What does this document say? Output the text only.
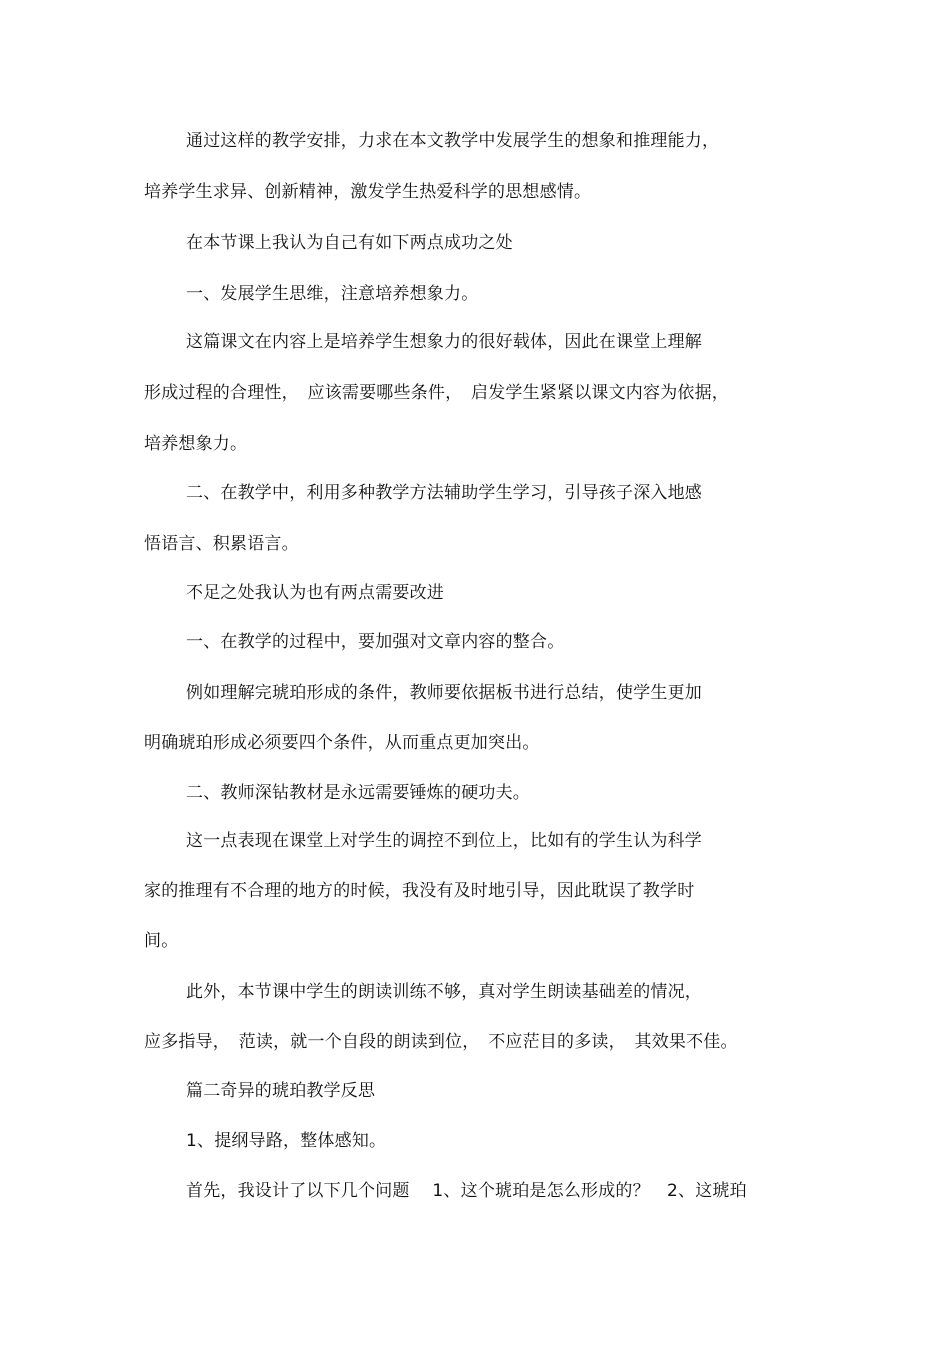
通过这样的教学安排，力求在本文教学中发展学生的想象和推理能力，
培养学生求异、创新精神，激发学生热爱科学的思想感情。
在本节课上我认为自己有如下两点成功之处
一、发展学生思维，注意培养想象力。
这篇课文在内容上是培养学生想象力的很好载体，因此在课堂上理解
形成过程的合理性，　应该需要哪些条件，　启发学生紧紧以课文内容为依据，
培养想象力。
二、在教学中，利用多种教学方法辅助学生学习，引导孩子深入地感
悟语言、积累语言。
不足之处我认为也有两点需要改进
一、在教学的过程中，要加强对文章内容的整合。
例如理解完琥珀形成的条件，教师要依据板书进行总结，使学生更加
明确琥珀形成必须要四个条件，从而重点更加突出。
二、教师深钻教材是永远需要锤炼的硬功夫。
这一点表现在课堂上对学生的调控不到位上，比如有的学生认为科学
家的推理有不合理的地方的时候，我没有及时地引导，因此耽误了教学时
间。
此外，本节课中学生的朗读训练不够，真对学生朗读基础差的情况，
应多指导，　范读，就一个自段的朗读到位，　不应茫目的多读，　其效果不佳。
篇二奇异的琥珀教学反思
1、提纲导路，整体感知。
首先，我设计了以下几个问题　 1、这个琥珀是怎么形成的？　2、这琥珀
